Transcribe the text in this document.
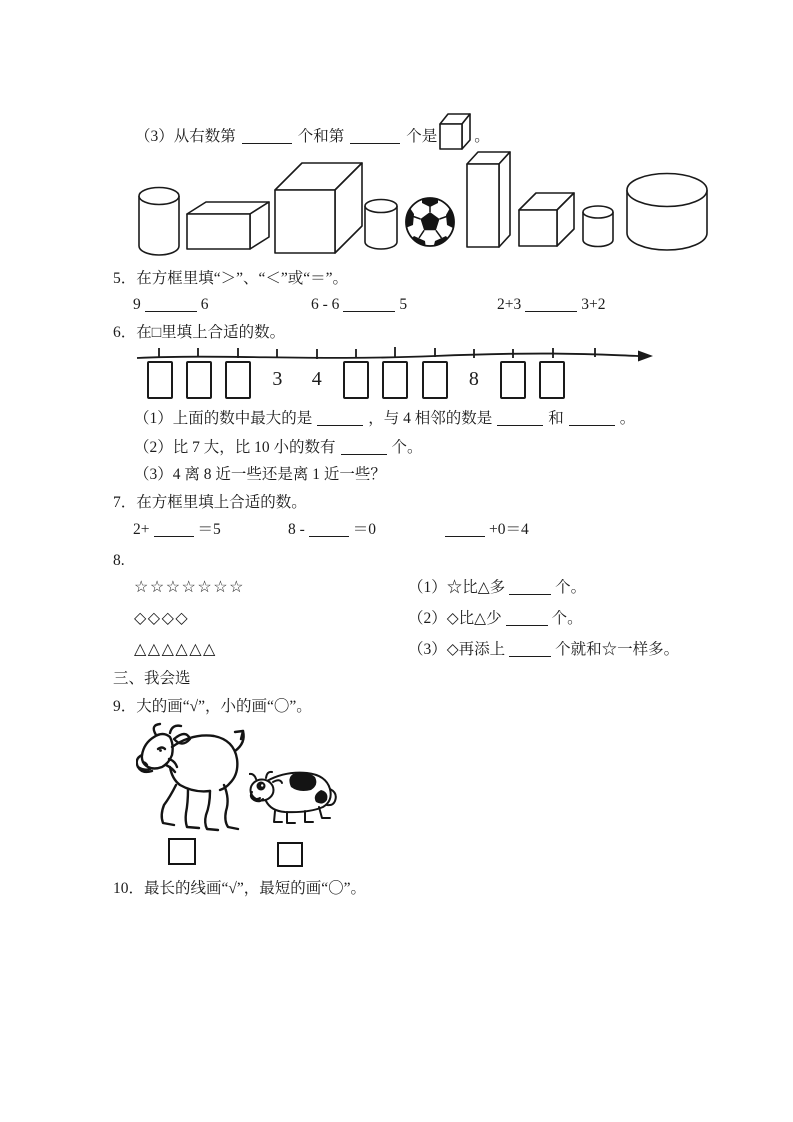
（3）从右数第	个和第	个是 。
5．在方框里填“＞”、“＜”或“＝”。
9	6	6 - 6	5	2+3	3+2
6．在□里填上合适的数。
3	4	8
（1）上面的数中最大的是	，与 4 相邻的数是	和	。
（2）比 7 大，比 10 小的数有	个。
（3）4 离 8 近一些还是离 1 近一些？
7．在方框里填上合适的数。
2+	＝5	8 -	＝0	+0＝4
8.
☆☆☆☆☆☆☆
◇◇◇◇
△△△△△△
（1）☆比△多	个。
（2）◇比△少	个。
（3）◇再添上	个就和☆一样多。
三、我会选
9．大的画“√”，小的画“〇”。
10．最长的线画“√”，最短的画“〇”。
